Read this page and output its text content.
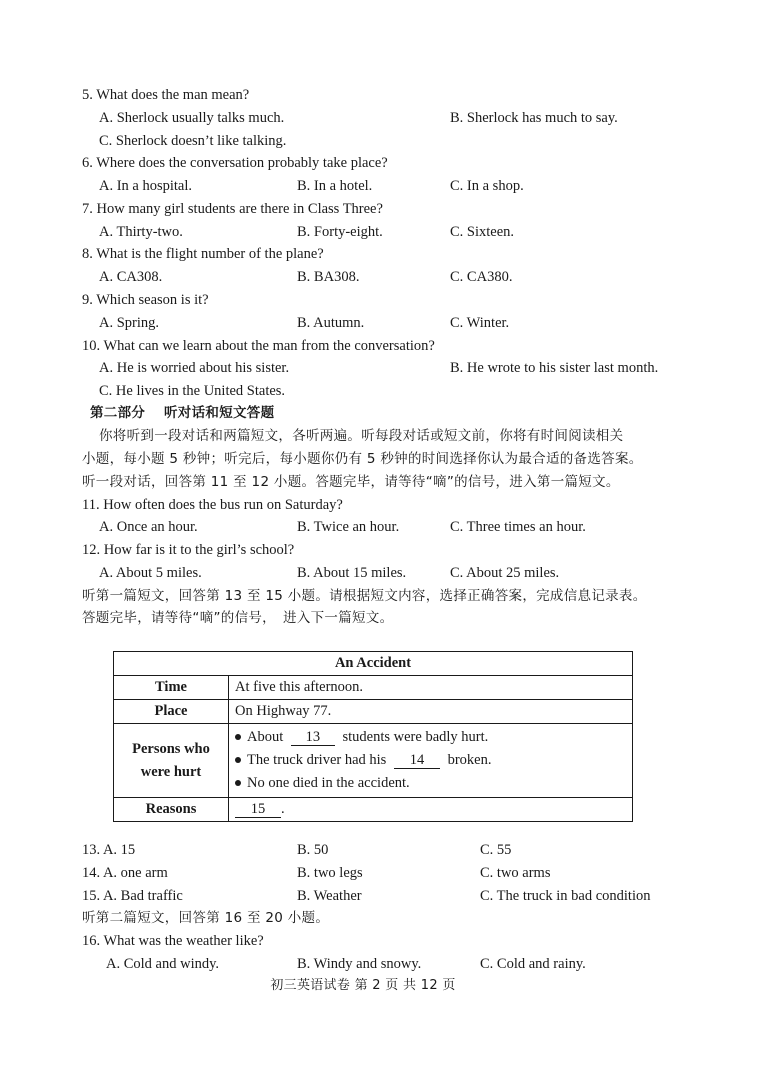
5. What does the man mean?
A. Sherlock usually talks much.	B. Sherlock has much to say.
C. Sherlock doesn’t like talking.
6. Where does the conversation probably take place?
A. In a hospital.	B. In a hotel.	C. In a shop.
7. How many girl students are there in Class Three?
A. Thirty-two.	B. Forty-eight.	C. Sixteen.
8. What is the flight number of the plane?
A. CA308.	B. BA308.	C. CA380.
9. Which season is it?
A. Spring.	B. Autumn.	C. Winter.
10. What can we learn about the man from the conversation?
A. He is worried about his sister.	B. He wrote to his sister last month.
C. He lives in the United States.
第二部分　 听对话和短文答题
你将听到一段对话和两篇短文，各听两遍。听每段对话或短文前，你将有时间阅读相关
小题，每小题 5 秒钟；听完后，每小题你仍有 5 秒钟的时间选择你认为最合适的备选答案。
听一段对话，回答第 11 至 12 小题。答题完毕，请等待“嘀”的信号，进入第一篇短文。
11. How often does the bus run on Saturday?
A. Once an hour.	B. Twice an hour.	C. Three times an hour.
12. How far is it to the girl’s school?
A. About 5 miles.	B. About 15 miles.	C. About 25 miles.
听第一篇短文，回答第 13 至 15 小题。请根据短文内容，选择正确答案，完成信息记录表。
答题完毕，请等待“嘀”的信号，　进入下一篇短文。
An Accident	
Time	At five this afternoon.
Place	On Highway 77.

Persons who
were hurt	About 13 students were badly hurt.
The truck driver had his 14 broken.
No one died in the accident.

Reasons	15 .
13. A. 15	B. 50	C. 55
14. A. one arm	B. two legs	C. two arms
15. A. Bad traffic	B. Weather	C. The truck in bad condition
听第二篇短文，回答第 16 至 20 小题。
16. What was the weather like?
A. Cold and windy.	B. Windy and snowy.	C. Cold and rainy.
初三英语试卷 第 2 页 共 12 页
